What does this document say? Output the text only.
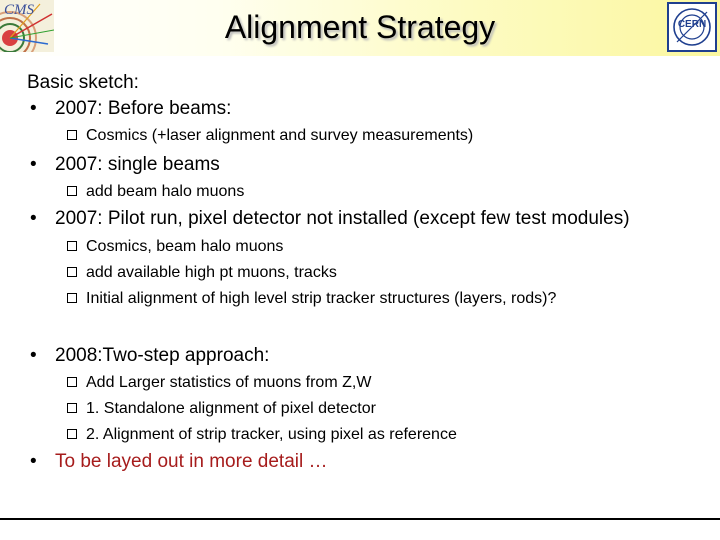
CMS	Alignment Strategy	CERN
Basic sketch:
• 2007: Before beams:
Cosmics (+laser alignment and survey measurements)
• 2007: single beams
add beam halo muons
• 2007: Pilot run, pixel detector not installed (except few test modules)
Cosmics, beam halo muons
add available high pt muons, tracks
Initial alignment of high level strip tracker structures (layers, rods)?
• 2008:Two-step approach:
Add Larger statistics of muons from Z,W
1. Standalone alignment of pixel detector
2. Alignment of strip tracker, using pixel as reference
• To be layed out in more detail …
